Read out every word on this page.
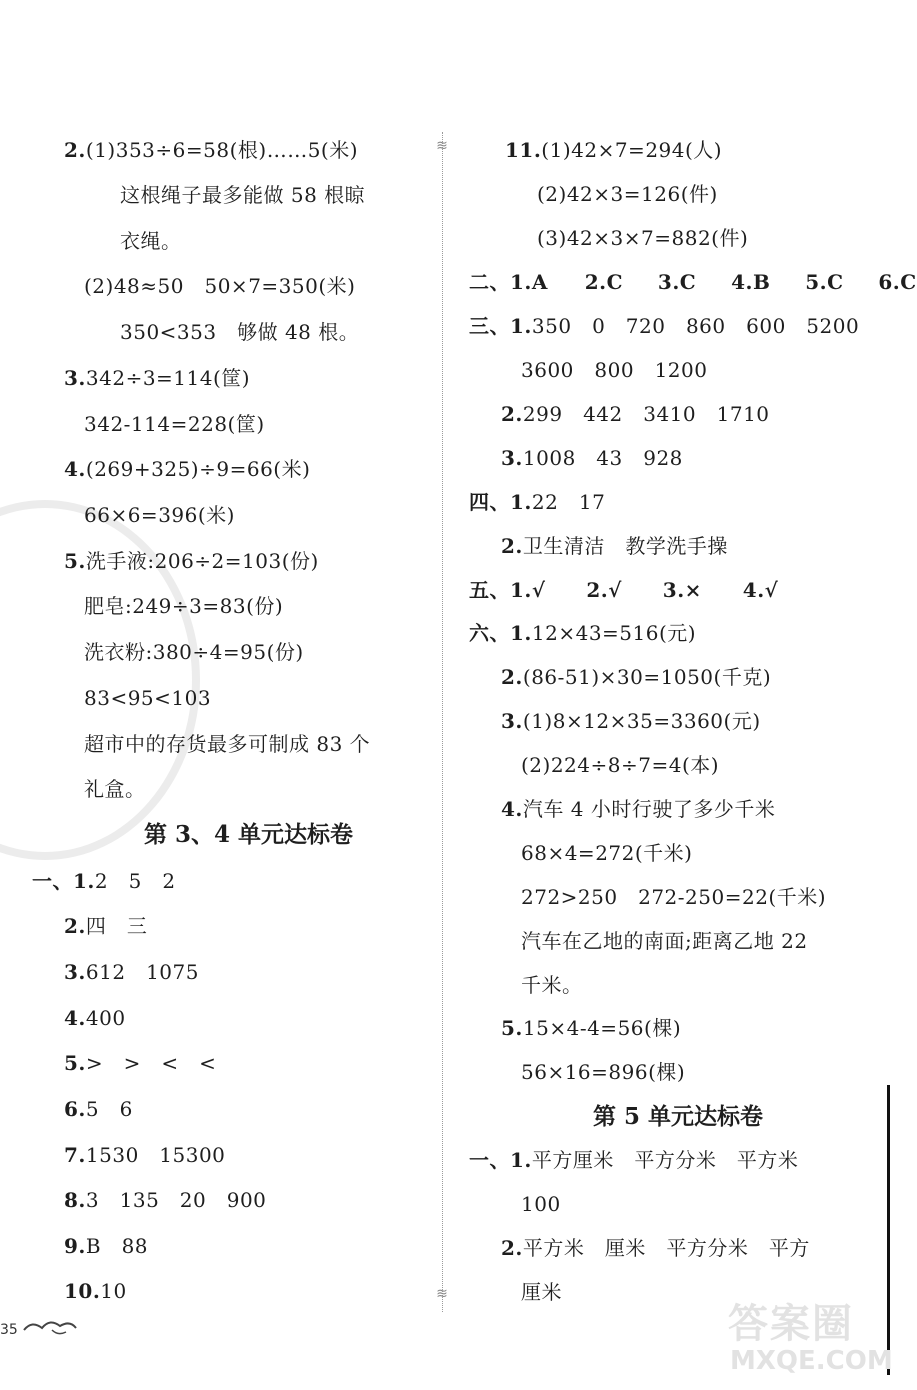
≋
≋
2.(1)353÷6=58(根)……5(米)
这根绳子最多能做 58 根晾
衣绳。
(2)48≈50　50×7=350(米)
350<353　够做 48 根。
3.342÷3=114(筐)
342-114=228(筐)
4.(269+325)÷9=66(米)
66×6=396(米)
5.洗手液:206÷2=103(份)
肥皂:249÷3=83(份)
洗衣粉:380÷4=95(份)
83<95<103
超市中的存货最多可制成 83 个
礼盒。
第 3、4 单元达标卷
一、1.2　5　2
2.四　三
3.612　1075
4.400
5.>　>　<　<
6.5　6
7.1530　15300
8.3　135　20　900
9.B　88
10.10
11.(1)42×7=294(人)
(2)42×3=126(件)
(3)42×3×7=882(件)
二、1.A 2.C 3.C 4.B 5.C 6.C
三、1.350　0　720　860　600　5200
3600　800　1200
2.299　442　3410　1710
3.1008　43　928
四、1.22　17
2.卫生清洁　教学洗手操
五、1.√ 2.√ 3.× 4.√
六、1.12×43=516(元)
2.(86-51)×30=1050(千克)
3.(1)8×12×35=3360(元)
(2)224÷8÷7=4(本)
4.汽车 4 小时行驶了多少千米
68×4=272(千米)
272>250　272-250=22(千米)
汽车在乙地的南面;距离乙地 22
千米。
5.15×4-4=56(棵)
56×16=896(棵)
第 5 单元达标卷
一、1.平方厘米　平方分米　平方米
100
2.平方米　厘米　平方分米　平方
厘米
35	答案圈
MXQE.COM
